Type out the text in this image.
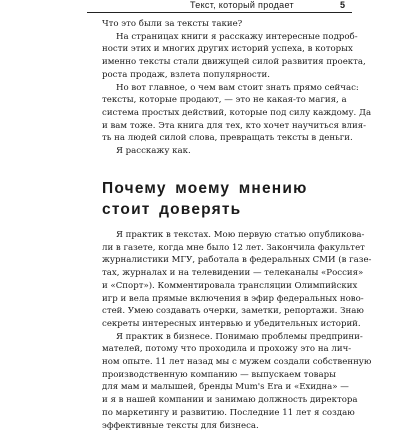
Текст, который продает	5
Что это были за тексты такие?
На страницах книги я расскажу интересные подроб-
ности этих и многих других историй успеха, в которых
именно тексты стали движущей силой развития проекта,
роста продаж, взлета популярности.
Но вот главное, о чем вам стоит знать прямо сейчас:
тексты, которые продают, — это не какая-то магия, а
система простых действий, которые под силу каждому. Да
и вам тоже. Эта книга для тех, кто хочет научиться влия-
ть на людей силой слова, превращать тексты в деньги.
Я расскажу как.
Почему моему мнению
стоит доверять
Я практик в текстах. Мою первую статью опубликова-
ли в газете, когда мне было 12 лет. Закончила факультет
журналистики МГУ, работала в федеральных СМИ (в газе-
тах, журналах и на телевидении — телеканалы «Россия»
и «Спорт»). Комментировала трансляции Олимпийских
игр и вела прямые включения в эфир федеральных ново-
стей. Умею создавать очерки, заметки, репортажи. Знаю
секреты интересных интервью и убедительных историй.
Я практик в бизнесе. Понимаю проблемы предприни-
мателей, потому что проходила и прохожу это на лич-
ном опыте. 11 лет назад мы с мужем создали собственную
производственную компанию — выпускаем товары
для мам и малышей, бренды Mum's Era и «Ехидна» —
и я в нашей компании и занимаю должность директора
по маркетингу и развитию. Последние 11 лет я создаю
эффективные тексты для бизнеса.
